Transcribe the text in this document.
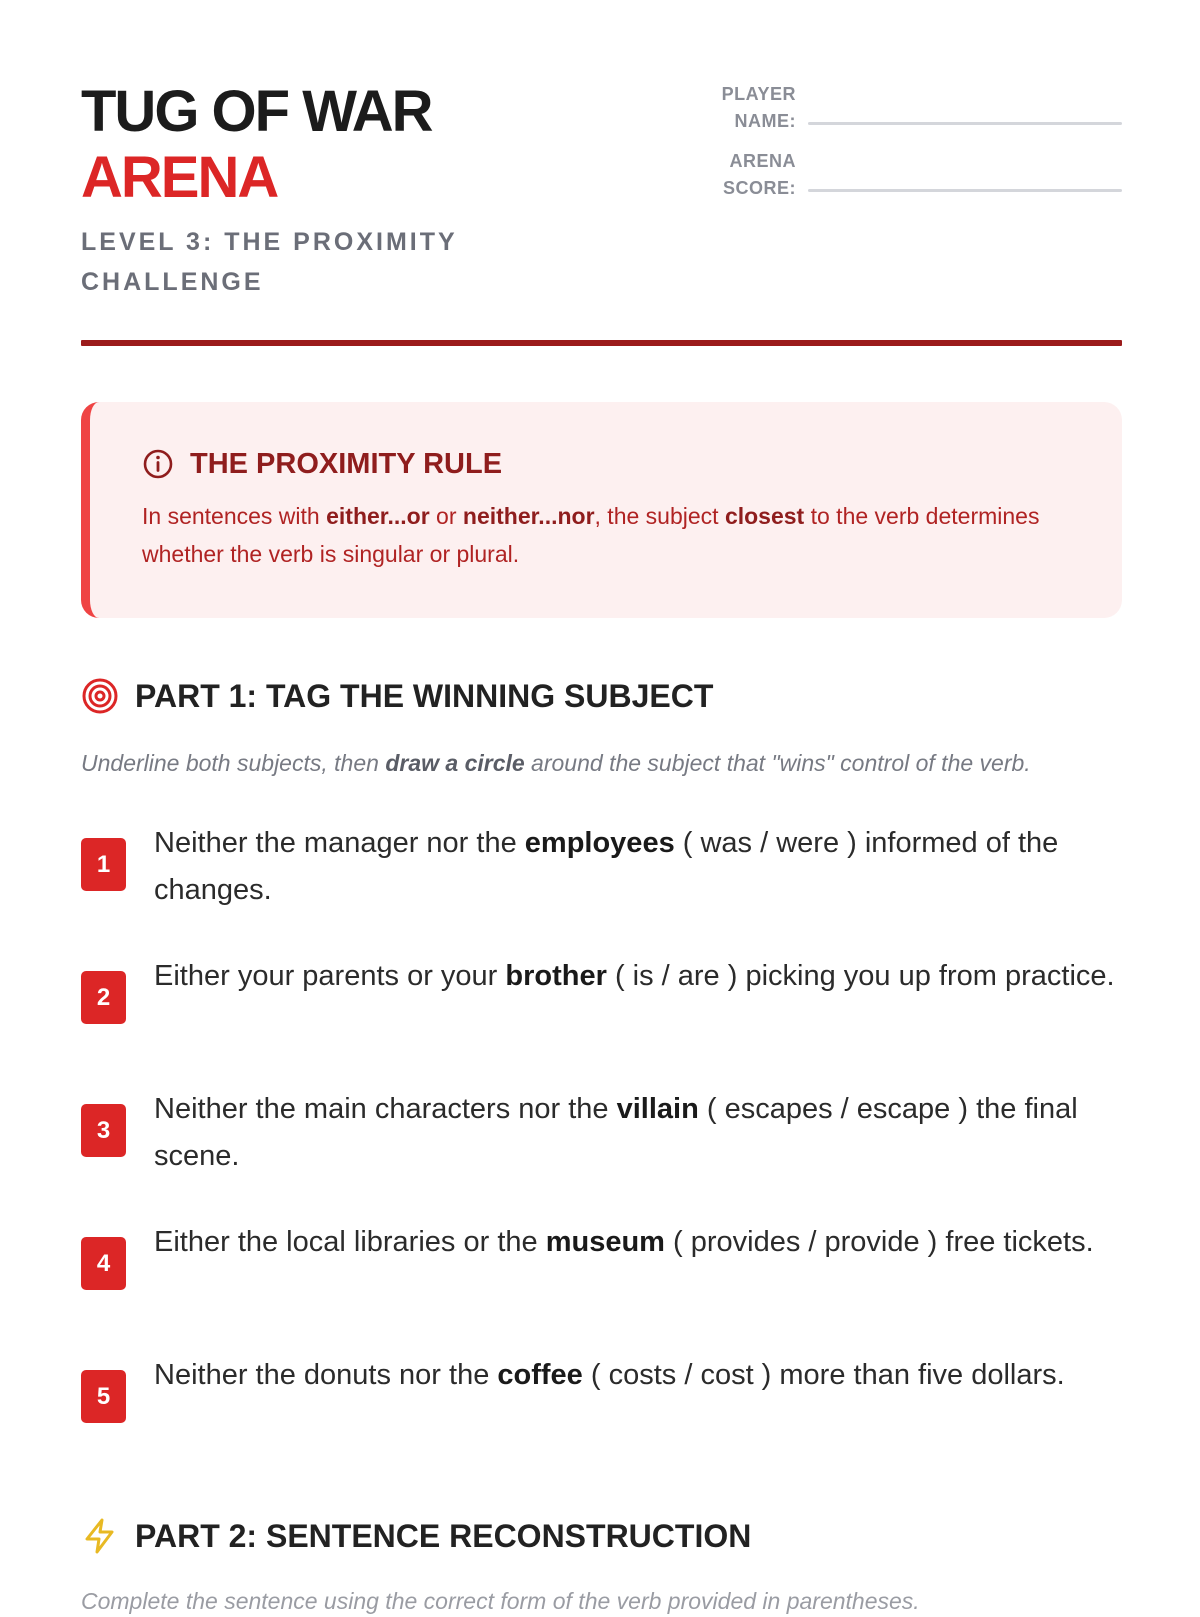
TUG OF WAR
ARENA
LEVEL 3: THE PROXIMITY CHALLENGE
PLAYER NAME:
ARENA SCORE:
THE PROXIMITY RULE
In sentences with either...or or neither...nor, the subject closest to the verb determines whether the verb is singular or plural.
PART 1: TAG THE WINNING SUBJECT
Underline both subjects, then draw a circle around the subject that "wins" control of the verb.
1
Neither the manager nor the employees ( was / were ) informed of the changes.
2
Either your parents or your brother ( is / are ) picking you up from practice.
3
Neither the main characters nor the villain ( escapes / escape ) the final scene.
4
Either the local libraries or the museum ( provides / provide ) free tickets.
5
Neither the donuts nor the coffee ( costs / cost ) more than five dollars.
PART 2: SENTENCE RECONSTRUCTION
Complete the sentence using the correct form of the verb provided in parentheses.
